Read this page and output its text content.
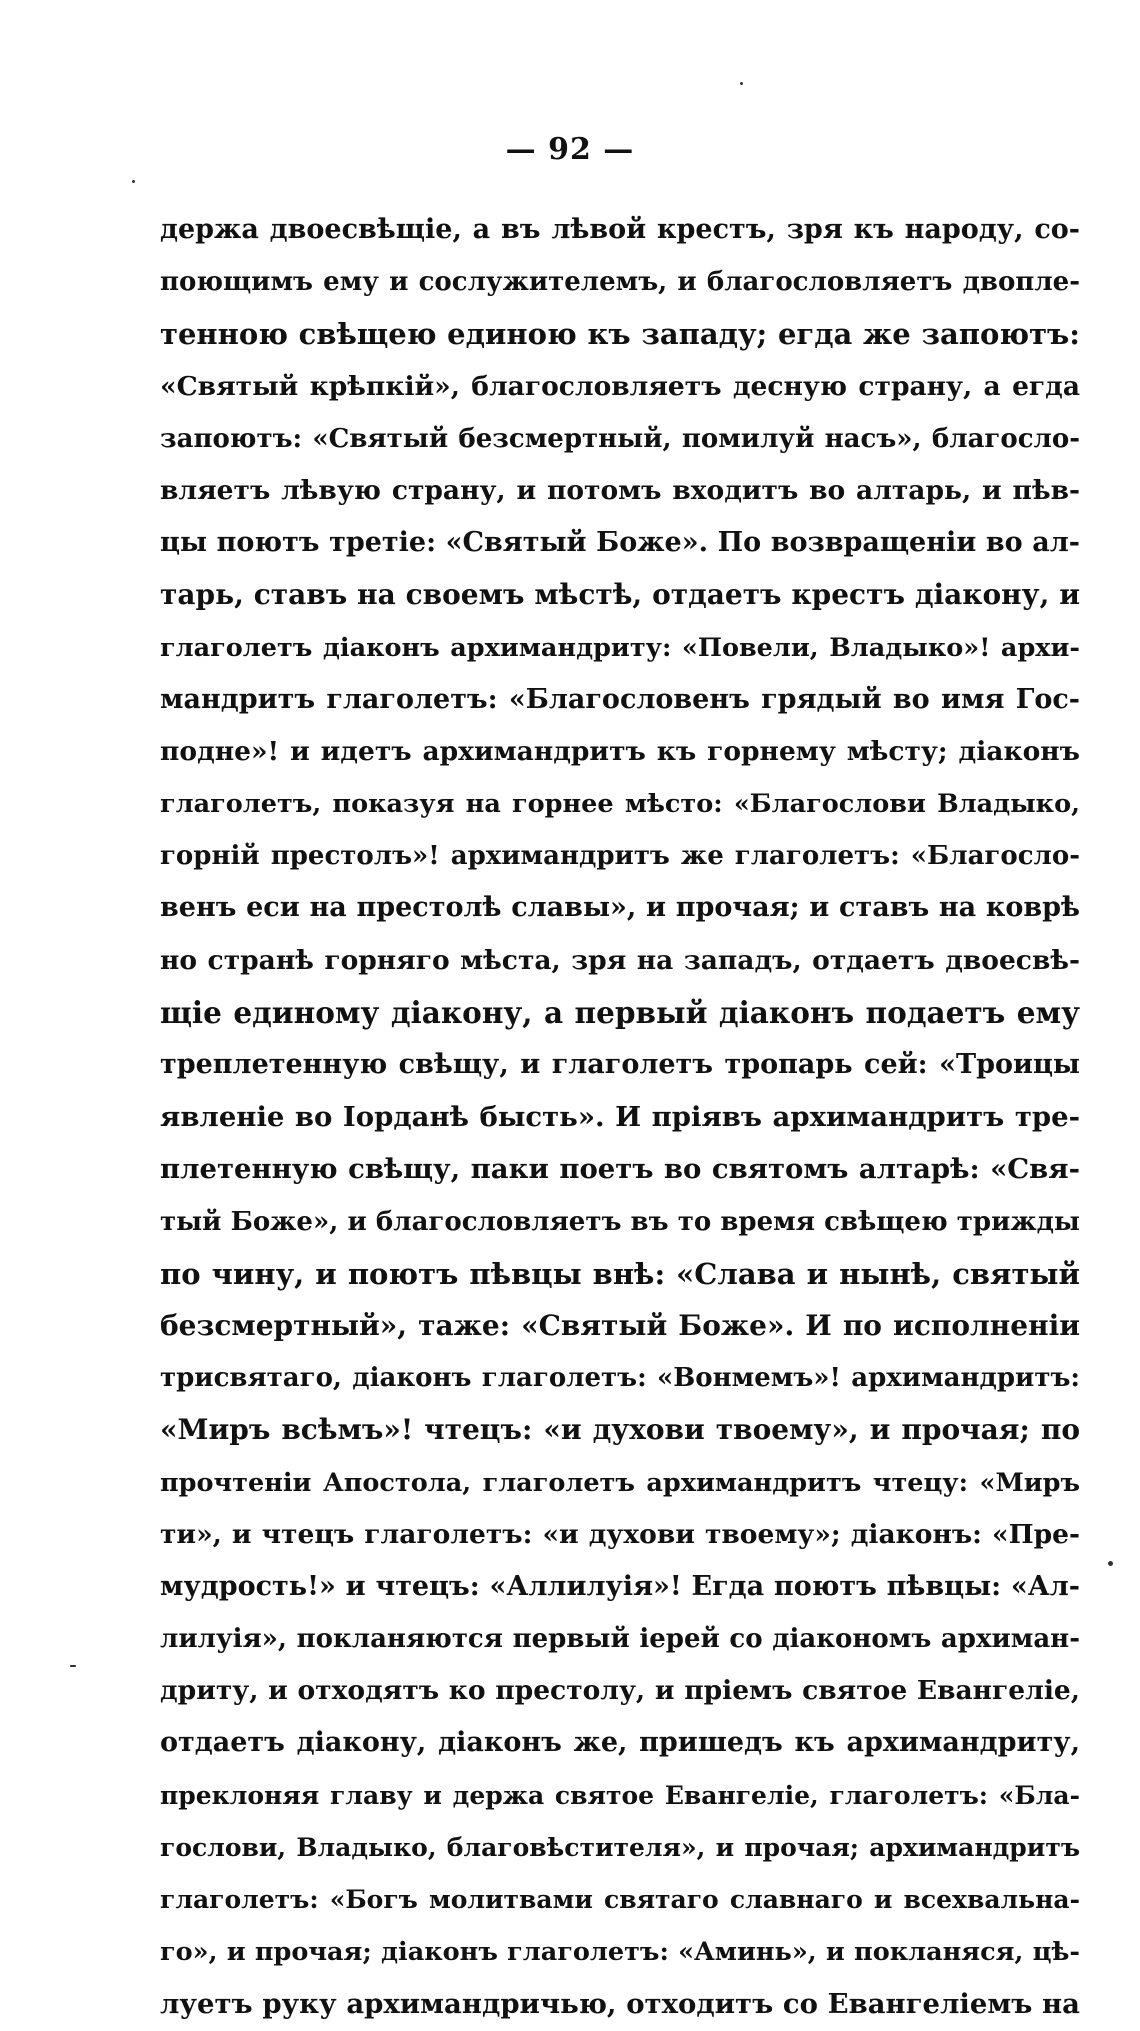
— 92 —
держа двоесвѣщіе, а въ лѣвой крестъ, зря къ народу, со-
поющимъ ему и сослужителемъ, и благословляетъ двопле-
тенною свѣщею единою къ западу; егда же запоютъ:
«Святый крѣпкій», благословляетъ десную страну, а егда
запоютъ: «Святый безсмертный, помилуй насъ», благосло-
вляетъ лѣвую страну, и потомъ входитъ во алтарь, и пѣв-
цы поютъ третіе: «Святый Боже». По возвращеніи во ал-
тарь, ставъ на своемъ мѣстѣ, отдаетъ крестъ діакону, и
глаголетъ діаконъ архимандриту: «Повели, Владыко»! архи-
мандритъ глаголетъ: «Благословенъ грядый во имя Гос-
подне»! и идетъ архимандритъ къ горнему мѣсту; діаконъ
глаголетъ, показуя на горнее мѣсто: «Благослови Владыко,
горній престолъ»! архимандритъ же глаголетъ: «Благосло-
венъ еси на престолѣ славы», и прочая; и ставъ на коврѣ
но странѣ горняго мѣста, зря на западъ, отдаетъ двоесвѣ-
щіе единому діакону, а первый діаконъ подаетъ ему
треплетенную свѣщу, и глаголетъ тропарь сей: «Троицы
явленіе во Іорданѣ бысть». И пріявъ архимандритъ тре-
плетенную свѣщу, паки поетъ во святомъ алтарѣ: «Свя-
тый Боже», и благословляетъ въ то время свѣщею трижды
по чину, и поютъ пѣвцы внѣ: «Слава и нынѣ, святый
безсмертный», таже: «Святый Боже». И по исполненіи
трисвятаго, діаконъ глаголетъ: «Вонмемъ»! архимандритъ:
«Миръ всѣмъ»! чтецъ: «и духови твоему», и прочая; по
прочтеніи Апостола, глаголетъ архимандритъ чтецу: «Миръ
ти», и чтецъ глаголетъ: «и духови твоему»; діаконъ: «Пре-
мудрость!» и чтецъ: «Аллилуія»! Егда поютъ пѣвцы: «Ал-
лилуія», покланяются первый іерей со діакономъ архиман-
дриту, и отходятъ ко престолу, и пріемъ святое Евангеліе,
отдаетъ діакону, діаконъ же, пришедъ къ архимандриту,
преклоняя главу и держа святое Евангеліе, глаголетъ: «Бла-
гослови, Владыко, благовѣстителя», и прочая; архимандритъ
глаголетъ: «Богъ молитвами святаго славнаго и всехвальна-
го», и прочая; діаконъ глаголетъ: «Аминь», и покланяся, цѣ-
луетъ руку архимандричью, отходитъ со Евангеліемъ на
